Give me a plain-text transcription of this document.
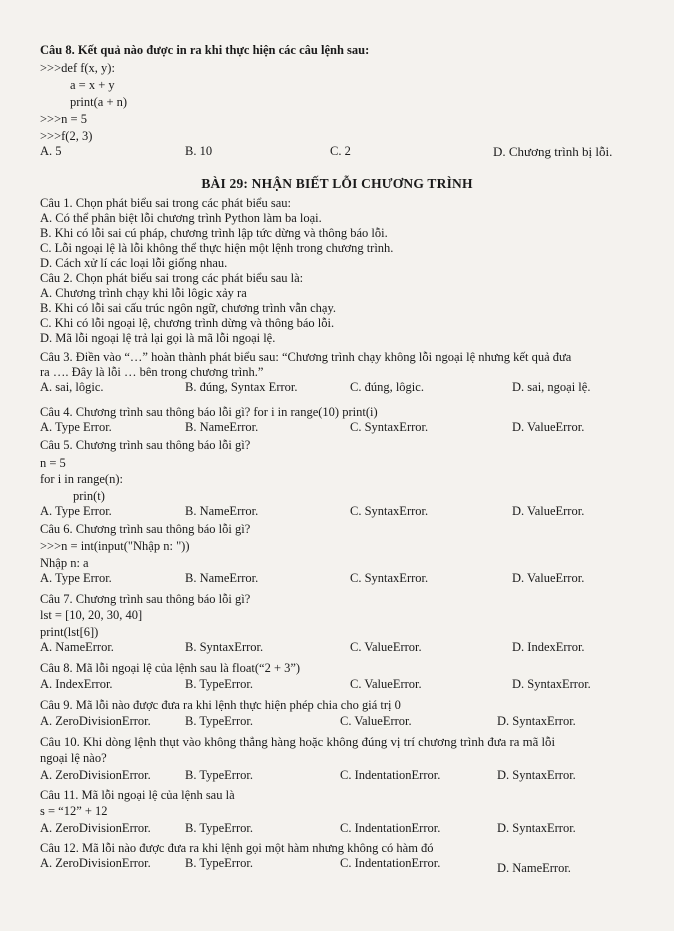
Câu 8. Kết quả nào được in ra khi thực hiện các câu lệnh sau:
>>>def f(x, y):
a = x + y
print(a + n)
>>>n = 5
>>>f(2, 3)
A. 5	B. 10	C. 2	D. Chương trình bị lỗi.
BÀI 29: NHẬN BIẾT LỖI CHƯƠNG TRÌNH
Câu 1. Chọn phát biểu sai trong các phát biểu sau:
A. Có thể phân biệt lỗi chương trình Python làm ba loại.
B. Khi có lỗi sai cú pháp, chương trình lập tức dừng và thông báo lỗi.
C. Lỗi ngoại lệ là lỗi không thể thực hiện một lệnh trong chương trình.
D. Cách xử lí các loại lỗi giống nhau.
Câu 2. Chọn phát biểu sai trong các phát biểu sau là:
A. Chương trình chạy khi lỗi lôgic xảy ra
B. Khi có lỗi sai cấu trúc ngôn ngữ, chương trình vẫn chạy.
C. Khi có lỗi ngoại lệ, chương trình dừng và thông báo lỗi.
D. Mã lỗi ngoại lệ trả lại gọi là mã lỗi ngoại lệ.
Câu 3. Điền vào “…” hoàn thành phát biểu sau: “Chương trình chạy không lỗi ngoại lệ nhưng kết quả đưa
ra …. Đây là lỗi … bên trong chương trình.”
A. sai, lôgic.	B. đúng, Syntax Error.	C. đúng, lôgic.	D. sai, ngoại lệ.
Câu 4. Chương trình sau thông báo lỗi gì? for i in range(10) print(i)
A. Type Error.	B. NameError.	C. SyntaxError.	D. ValueError.
Câu 5. Chương trình sau thông báo lỗi gì?
n = 5
for i in range(n):
prin(t)
A. Type Error.	B. NameError.	C. SyntaxError.	D. ValueError.
Câu 6. Chương trình sau thông báo lỗi gì?
>>>n = int(input("Nhập n: "))
Nhập n: a
A. Type Error.	B. NameError.	C. SyntaxError.	D. ValueError.
Câu 7. Chương trình sau thông báo lỗi gì?
lst = [10, 20, 30, 40]
print(lst[6])
A. NameError.	B. SyntaxError.	C. ValueError.	D. IndexError.
Câu 8. Mã lỗi ngoại lệ của lệnh sau là float(“2 + 3”)
A. IndexError.	B. TypeError.	C. ValueError.	D. SyntaxError.
Câu 9. Mã lỗi nào được đưa ra khi lệnh thực hiện phép chia cho giá trị 0
A. ZeroDivisionError.	B. TypeError.	C. ValueError.	D. SyntaxError.
Câu 10. Khi dòng lệnh thụt vào không thẳng hàng hoặc không đúng vị trí chương trình đưa ra mã lỗi
ngoại lệ nào?
A. ZeroDivisionError.	B. TypeError.	C. IndentationError.	D. SyntaxError.
Câu 11. Mã lỗi ngoại lệ của lệnh sau là
s = “12” + 12
A. ZeroDivisionError.	B. TypeError.	C. IndentationError.	D. SyntaxError.
Câu 12. Mã lỗi nào được đưa ra khi lệnh gọi một hàm nhưng không có hàm đó
A. ZeroDivisionError.	B. TypeError.	C. IndentationError.	D. NameError.
